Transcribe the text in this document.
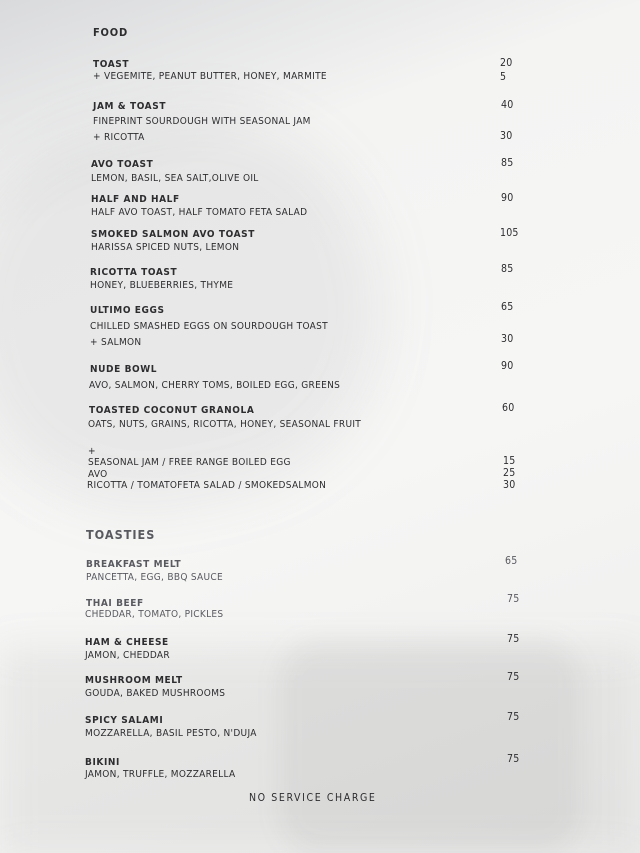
FOOD
TOAST	20
+ VEGEMITE, PEANUT BUTTER, HONEY, MARMITE	5
JAM & TOAST	40
FINEPRINT SOURDOUGH WITH SEASONAL JAM
+ RICOTTA	30
AVO TOAST	85
LEMON, BASIL, SEA SALT,OLIVE OIL
HALF AND HALF	90
HALF AVO TOAST, HALF TOMATO FETA SALAD
SMOKED SALMON AVO TOAST	105
HARISSA SPICED NUTS, LEMON
RICOTTA TOAST	85
HONEY, BLUEBERRIES, THYME
ULTIMO EGGS	65
CHILLED SMASHED EGGS ON SOURDOUGH TOAST
+ SALMON	30
NUDE BOWL	90
AVO, SALMON, CHERRY TOMS, BOILED EGG, GREENS
TOASTED COCONUT GRANOLA	60
OATS, NUTS, GRAINS, RICOTTA, HONEY, SEASONAL FRUIT
+
SEASONAL JAM / FREE RANGE BOILED EGG	15
AVO	25
RICOTTA / TOMATOFETA SALAD / SMOKEDSALMON	30
TOASTIES
BREAKFAST MELT	65
PANCETTA, EGG, BBQ SAUCE
THAI BEEF	75
CHEDDAR, TOMATO, PICKLES
HAM & CHEESE	75
JAMON, CHEDDAR
MUSHROOM MELT	75
GOUDA, BAKED MUSHROOMS
SPICY SALAMI	75
MOZZARELLA, BASIL PESTO, N'DUJA
BIKINI	75
JAMON, TRUFFLE, MOZZARELLA
NO SERVICE CHARGE
